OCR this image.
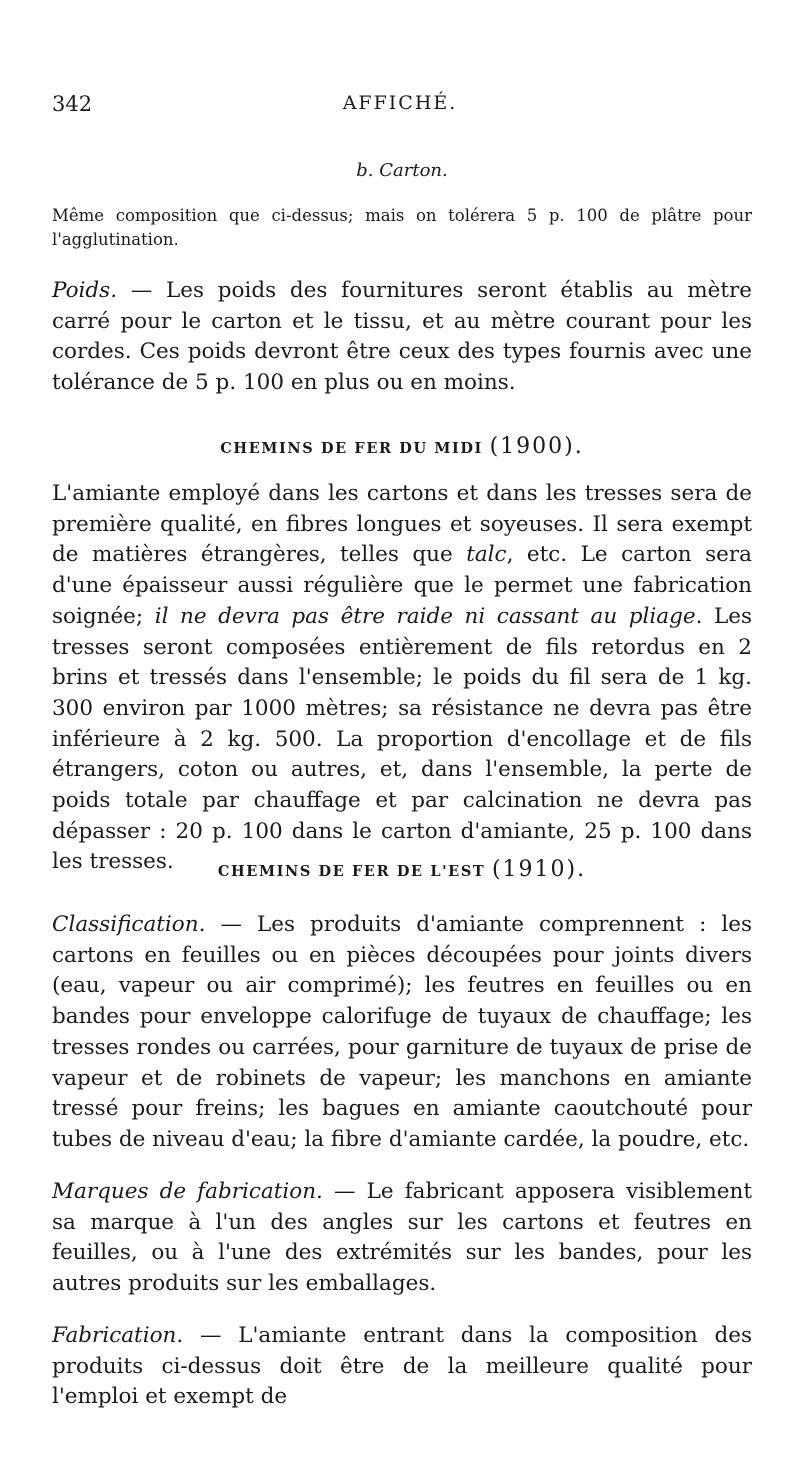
342	AFFICHÉ.
b. Carton.

Même composition que ci-dessus; mais on tolérera 5 p. 100 de plâtre pour l'agglutination.

Poids. — Les poids des fournitures seront établis au mètre carré pour le carton et le tissu, et au mètre courant pour les cordes. Ces poids devront être ceux des types fournis avec une tolérance de 5 p. 100 en plus ou en moins.

CHEMINS DE FER DU MIDI (1900).

L'amiante employé dans les cartons et dans les tresses sera de première qualité, en fibres longues et soyeuses. Il sera exempt de matières étrangères, telles que talc, etc. Le carton sera d'une épaisseur aussi régulière que le permet une fabrication soignée; il ne devra pas être raide ni cassant au pliage. Les tresses seront composées entièrement de fils retordus en 2 brins et tressés dans l'ensemble; le poids du fil sera de 1 kg. 300 environ par 1000 mètres; sa résistance ne devra pas être inférieure à 2 kg. 500. La proportion d'encollage et de fils étrangers, coton ou autres, et, dans l'ensemble, la perte de poids totale par chauffage et par calcination ne devra pas dépasser : 20 p. 100 dans le carton d'amiante, 25 p. 100 dans les tresses.	CHEMINS DE FER DE L'EST (1910).

Classification. — Les produits d'amiante comprennent : les cartons en feuilles ou en pièces découpées pour joints divers (eau, vapeur ou air comprimé); les feutres en feuilles ou en bandes pour enveloppe calorifuge de tuyaux de chauffage; les tresses rondes ou carrées, pour garniture de tuyaux de prise de vapeur et de robinets de vapeur; les manchons en amiante tressé pour freins; les bagues en amiante caoutchouté pour tubes de niveau d'eau; la fibre d'amiante cardée, la poudre, etc.

Marques de fabrication. — Le fabricant apposera visiblement sa marque à l'un des angles sur les cartons et feutres en feuilles, ou à l'une des extrémités sur les bandes, pour les autres produits sur les emballages.

Fabrication. — L'amiante entrant dans la composition des produits ci-dessus doit être de la meilleure qualité pour l'emploi et exempt de
